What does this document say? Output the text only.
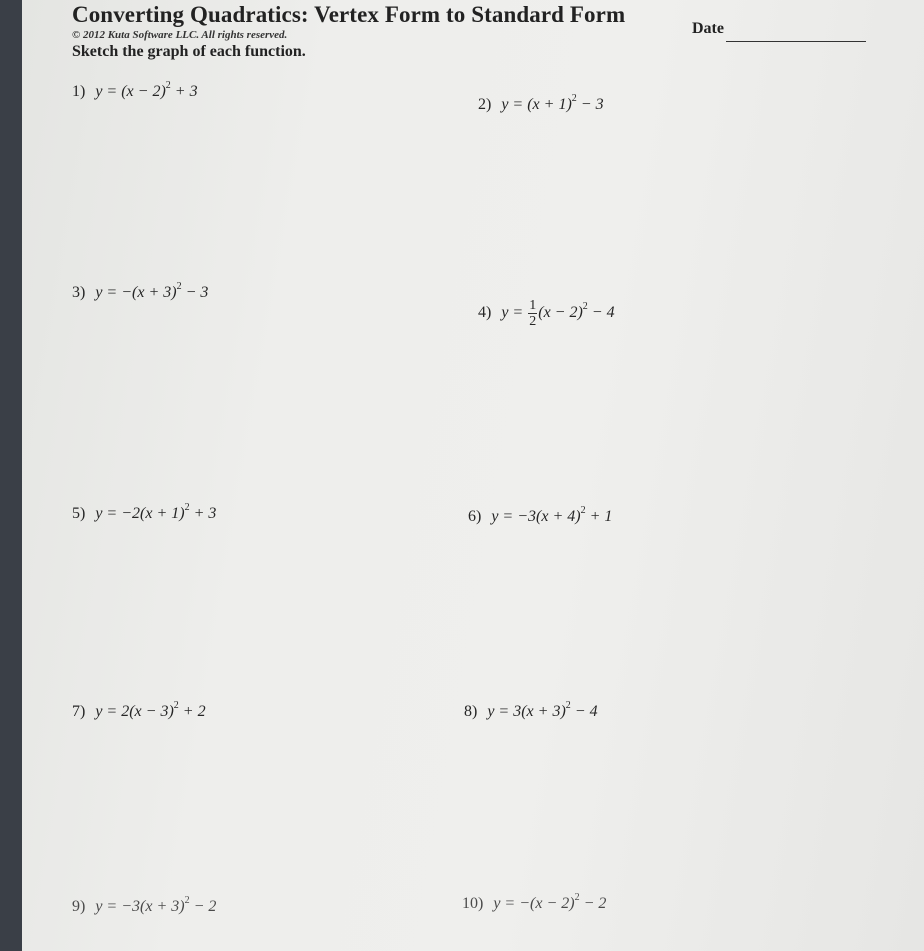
Converting Quadratics: Vertex Form to Standard Form
© 2012 Kuta Software LLC. All rights reserved.	Date
Sketch the graph of each function.
1) $y = (x - 2)^2 + 3$
2) $y = (x + 1)^2 - 3$
3) $y = -(x + 3)^2 - 3$
4) $y = \frac{1}{2} (x - 2)^2 - 4$
5) $y = -2(x + 1)^2 + 3$	6) $y = -3(x + 4)^2 + 1$
7) $y = 2(x - 3)^2 + 2$	8) $y = 3(x + 3)^2 - 4$
9) $y = -3(x + 3)^2 - 2$	10) $y = -(x - 2)^2 - 2$
